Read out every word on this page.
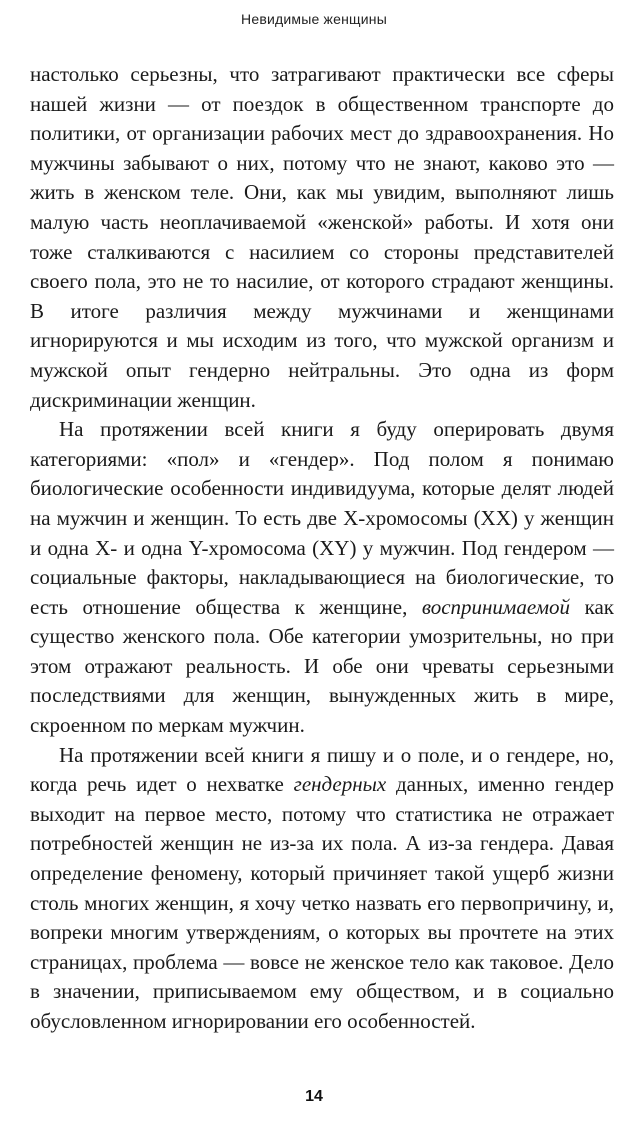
Невидимые женщины

настолько серьезны, что затрагивают практически все сферы нашей жизни — от поездок в общественном транспорте до политики, от организации рабочих мест до здравоохранения. Но мужчины забывают о них, потому что не знают, каково это — жить в женском теле. Они, как мы увидим, выполняют лишь малую часть неоплачиваемой «женской» работы. И хотя они тоже сталкиваются с насилием со стороны представителей своего пола, это не то насилие, от которого страдают женщины. В итоге различия между мужчинами и женщинами игнорируются и мы исходим из того, что мужской организм и мужской опыт гендерно нейтральны. Это одна из форм дискриминации женщин.

На протяжении всей книги я буду оперировать двумя категориями: «пол» и «гендер». Под полом я понимаю биологические особенности индивидуума, которые делят людей на мужчин и женщин. То есть две X-хромосомы (XX) у женщин и одна X- и одна Y-хромосома (XY) у мужчин. Под гендером — социальные факторы, накладывающиеся на биологические, то есть отношение общества к женщине, воспринимаемой как существо женского пола. Обе категории умозрительны, но при этом отражают реальность. И обе они чреваты серьезными последствиями для женщин, вынужденных жить в мире, скроенном по меркам мужчин.

На протяжении всей книги я пишу и о поле, и о гендере, но, когда речь идет о нехватке гендерных данных, именно гендер выходит на первое место, потому что статистика не отражает потребностей женщин не из-за их пола. А из-за гендера. Давая определение феномену, который причиняет такой ущерб жизни столь многих женщин, я хочу четко назвать его первопричину, и, вопреки многим утверждениям, о которых вы прочтете на этих страницах, проблема — вовсе не женское тело как таковое. Дело в значении, приписываемом ему обществом, и в социально обусловленном игнорировании его особенностей.

14
